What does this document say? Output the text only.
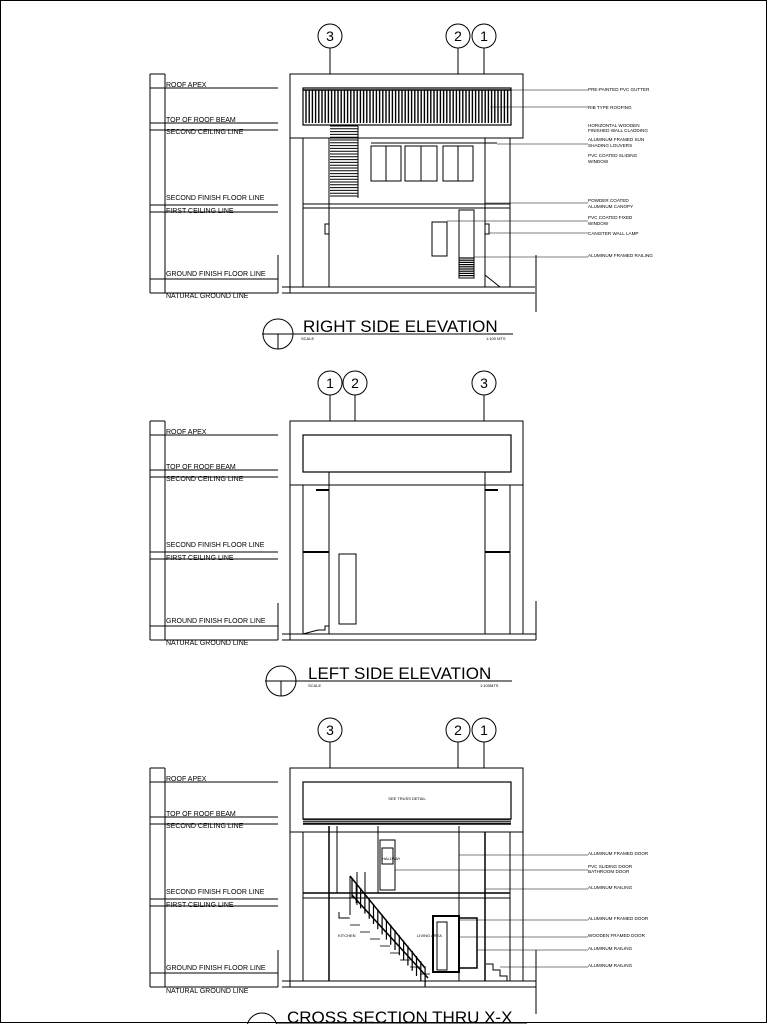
ROOF APEX
TOP OF ROOF BEAM
SECOND CEILING LINE
SECOND FINISH FLOOR LINE
FIRST CEILING LINE
GROUND FINISH FLOOR LINE
NATURAL GROUND LINE
3	2 1
PRE-PAINTED PVC GUTTER
RIB TYPE ROOFING
HORIZONTAL WOODEN
FINISHED WALL CLADDING
ALUMINUM FRAMED SUN
SHADING LOUVERS
PVC COATED SLIDING
WINDOW
POWDER COATED
ALUMINUM CANOPY
PVC COATED FIXED
WINDOW
CANISTER WALL LAMP
ALUMINUM FRAMED RAILING
RIGHT SIDE ELEVATION
SCALE	1:100 MTS
ROOF APEX
TOP OF ROOF BEAM
SECOND CEILING LINE
SECOND FINISH FLOOR LINE
FIRST CEILING LINE
GROUND FINISH FLOOR LINE
NATURAL GROUND LINE
1 2	3
LEFT SIDE ELEVATION
SCALE	1:100MTS
ROOF APEX
TOP OF ROOF BEAM
SECOND CEILING LINE
SECOND FINISH FLOOR LINE
FIRST CEILING LINE
GROUND FINISH FLOOR LINE
NATURAL GROUND LINE
3	2 1
HALLWAY
KITCHEN	LIVING AREA
SEE TRUSS DETAIL
ALUMINUM FRAMED DOOR
PVC SLIDING DOOR
BATHROOM DOOR
ALUMINUM RAILING
ALUMINUM FRAMED DOOR
WOODEN FRAMED DOOR
ALUMINUM RAILING
ALUMINUM RAILING
CROSS SECTION THRU X-X
